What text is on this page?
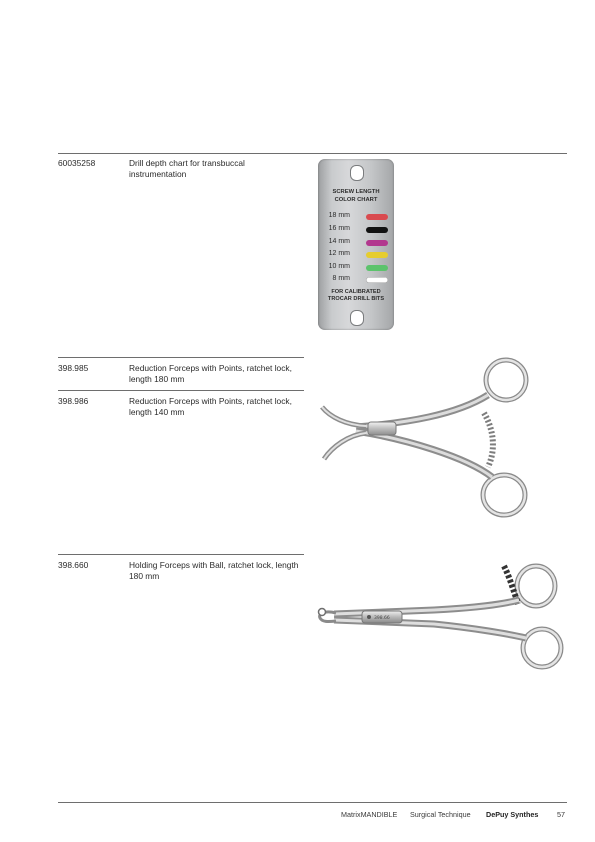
60035258	Drill depth chart for transbuccal instrumentation
SCREW LENGTH
COLOR CHART
18 mm
16 mm
14 mm
12 mm
10 mm
8 mm
FOR CALIBRATED
TROCAR DRILL BITS
398.985	Reduction Forceps with Points, ratchet lock, length 180 mm
398.986	Reduction Forceps with Points, ratchet lock, length 140 mm
398.660	Holding Forceps with Ball, ratchet lock, length 180 mm
398.66
MatrixMANDIBLE Surgical Technique DePuy Synthes	57
